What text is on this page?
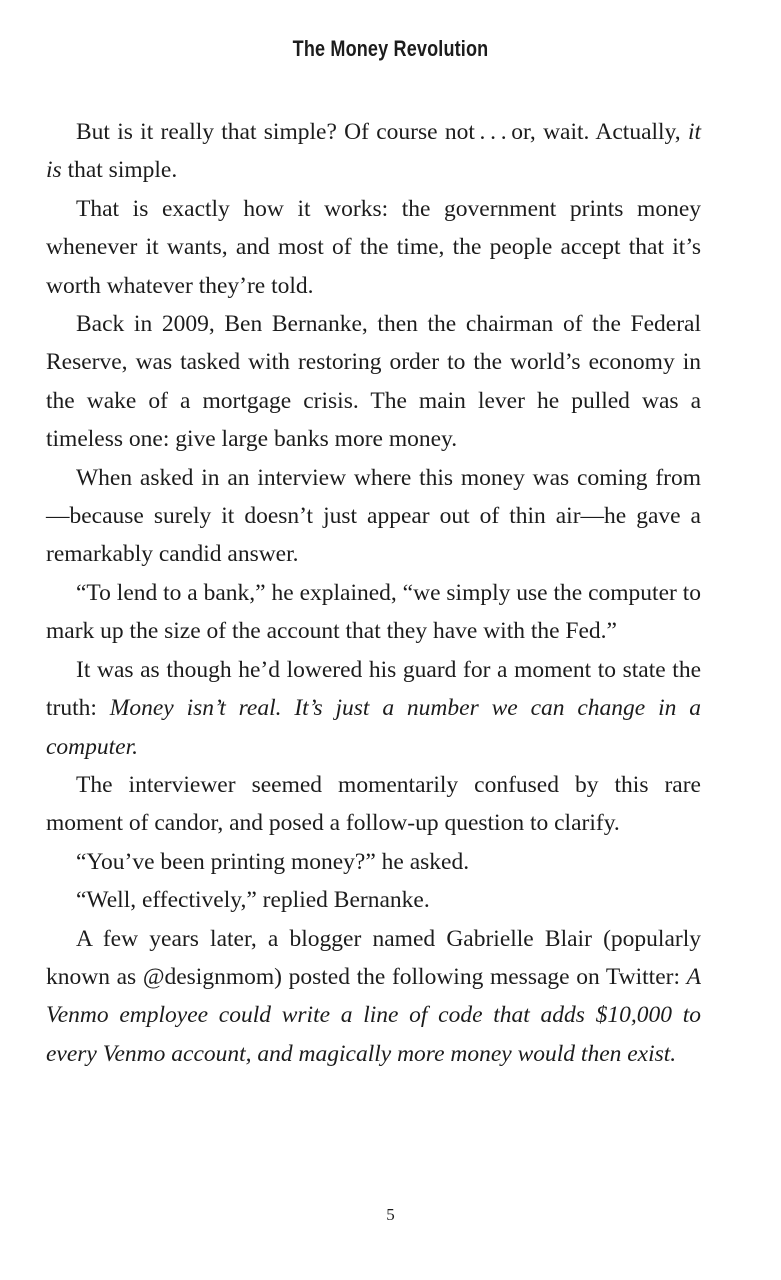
The Money Revolution

But is it really that simple? Of course not . . . or, wait. Actually, it is that simple.

That is exactly how it works: the government prints money whenever it wants, and most of the time, the people accept that it’s worth whatever they’re told.

Back in 2009, Ben Bernanke, then the chairman of the Federal Reserve, was tasked with restoring order to the world’s economy in the wake of a mortgage crisis. The main lever he pulled was a timeless one: give large banks more money.

When asked in an interview where this money was coming from—because surely it doesn’t just appear out of thin air—he gave a remarkably candid answer.

“To lend to a bank,” he explained, “we simply use the computer to mark up the size of the account that they have with the Fed.”

It was as though he’d lowered his guard for a moment to state the truth: Money isn’t real. It’s just a number we can change in a computer.

The interviewer seemed momentarily confused by this rare moment of candor, and posed a follow-up question to clarify.

“You’ve been printing money?” he asked.

“Well, effectively,” replied Bernanke.

A few years later, a blogger named Gabrielle Blair (popularly known as @designmom) posted the following message on Twitter: A Venmo employee could write a line of code that adds $10,000 to every Venmo account, and magically more money would then exist.

5
